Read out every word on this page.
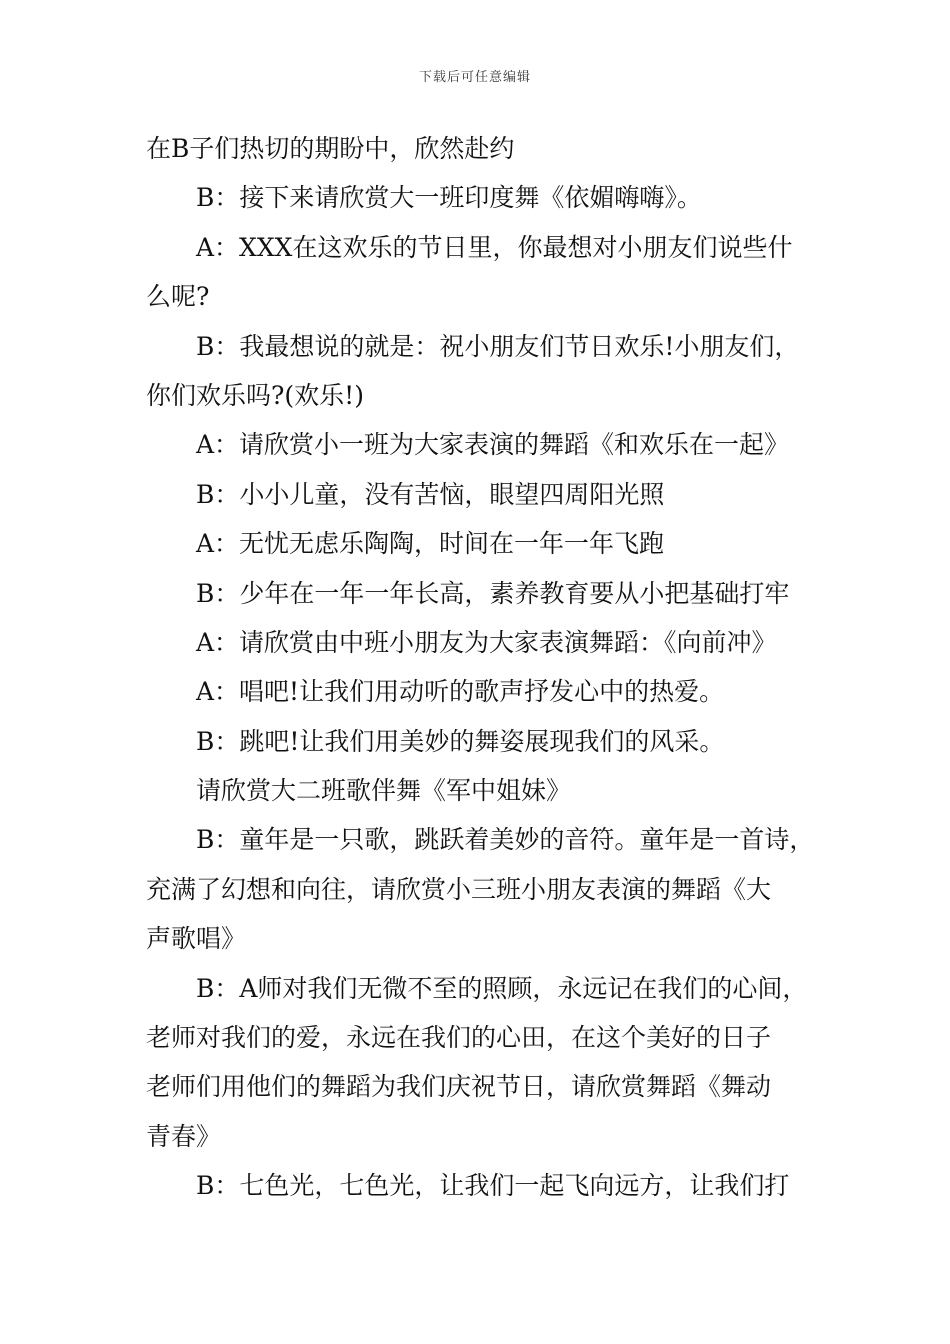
下载后可任意编辑
在B子们热切的期盼中，欣然赴约
B：接下来请欣赏大一班印度舞《依媚嗨嗨》。
A：XXX在这欢乐的节日里，你最想对小朋友们说些什
么呢?
B：我最想说的就是：祝小朋友们节日欢乐!小朋友们，
你们欢乐吗?(欢乐!)
A：请欣赏小一班为大家表演的舞蹈《和欢乐在一起》
B：小小儿童，没有苦恼，眼望四周阳光照
A：无忧无虑乐陶陶，时间在一年一年飞跑
B：少年在一年一年长高，素养教育要从小把基础打牢
A：请欣赏由中班小朋友为大家表演舞蹈：《向前冲》
A：唱吧!让我们用动听的歌声抒发心中的热爱。
B：跳吧!让我们用美妙的舞姿展现我们的风采。
请欣赏大二班歌伴舞《军中姐妹》
B：童年是一只歌，跳跃着美妙的音符。童年是一首诗，
充满了幻想和向往，请欣赏小三班小朋友表演的舞蹈《大
声歌唱》
B：A师对我们无微不至的照顾，永远记在我们的心间，
老师对我们的爱，永远在我们的心田，在这个美好的日子
老师们用他们的舞蹈为我们庆祝节日，请欣赏舞蹈《舞动
青春》
B：七色光，七色光，让我们一起飞向远方，让我们打
